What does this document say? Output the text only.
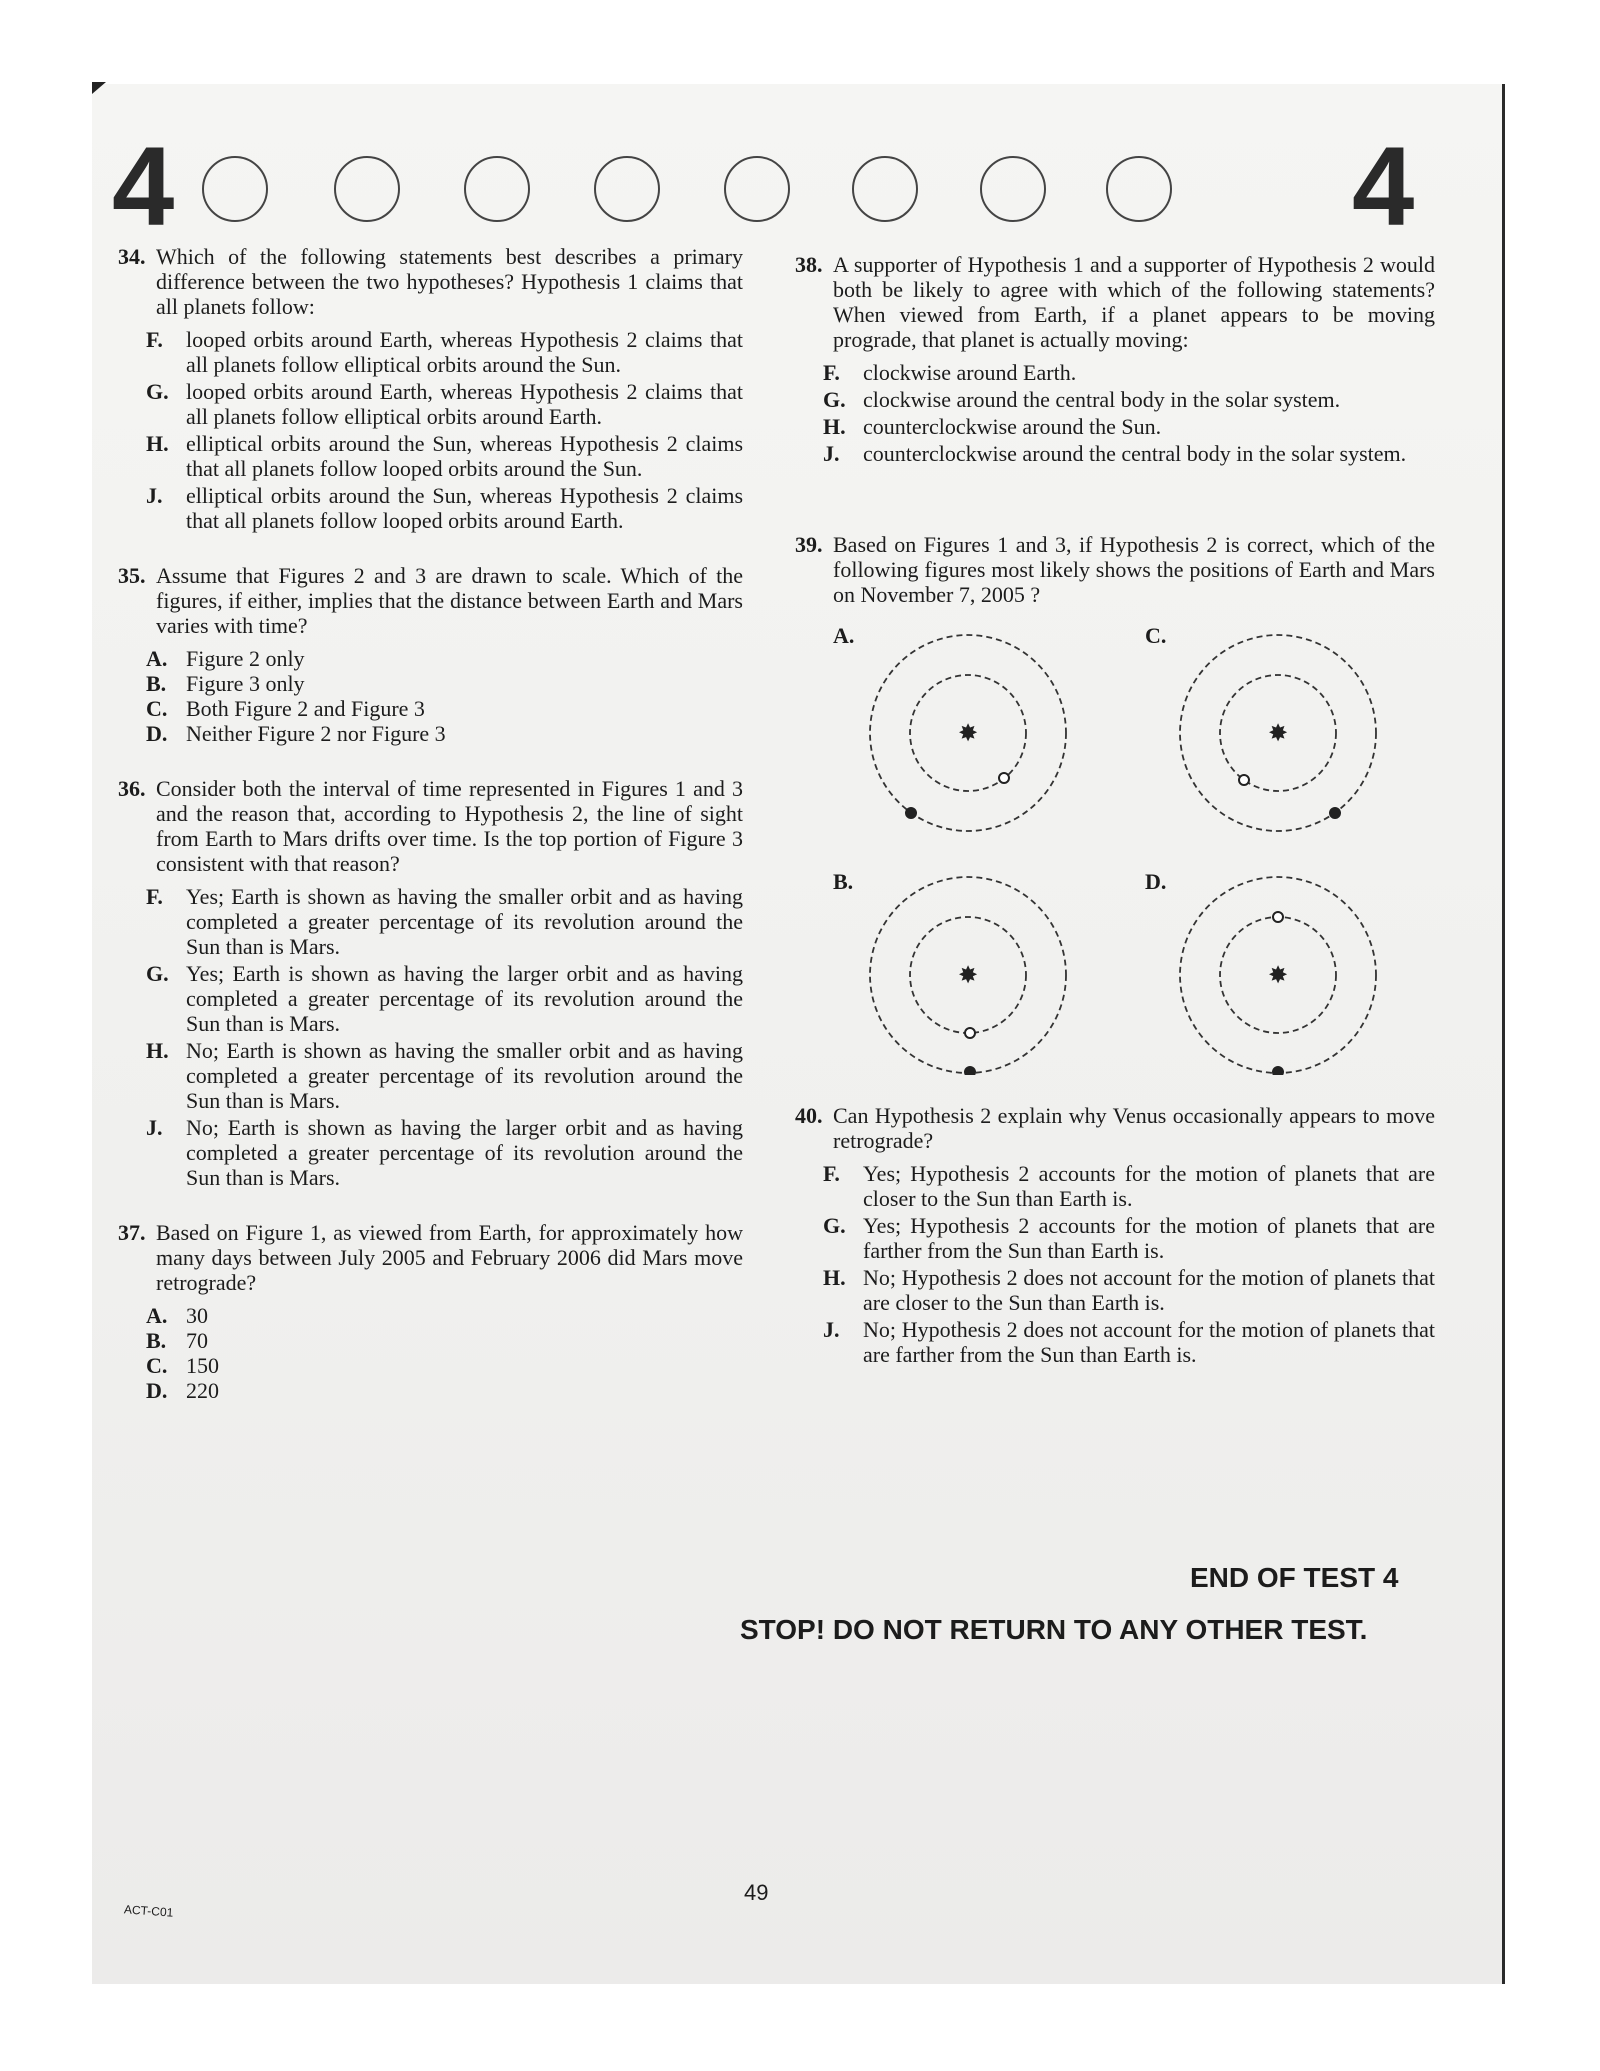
4	4
34. Which of the following statements best describes a primary difference between the two hypotheses? Hypothesis 1 claims that all planets follow:
F. looped orbits around Earth, whereas Hypothesis 2 claims that all planets follow elliptical orbits around the Sun.
G. looped orbits around Earth, whereas Hypothesis 2 claims that all planets follow elliptical orbits around Earth.
H. elliptical orbits around the Sun, whereas Hypothesis 2 claims that all planets follow looped orbits around the Sun.
J. elliptical orbits around the Sun, whereas Hypothesis 2 claims that all planets follow looped orbits around Earth.
35. Assume that Figures 2 and 3 are drawn to scale. Which of the figures, if either, implies that the distance between Earth and Mars varies with time?
A. Figure 2 only
B. Figure 3 only
C. Both Figure 2 and Figure 3
D. Neither Figure 2 nor Figure 3
36. Consider both the interval of time represented in Figures 1 and 3 and the reason that, according to Hypothesis 2, the line of sight from Earth to Mars drifts over time. Is the top portion of Figure 3 consistent with that reason?
F. Yes; Earth is shown as having the smaller orbit and as having completed a greater percentage of its revolution around the Sun than is Mars.
G. Yes; Earth is shown as having the larger orbit and as having completed a greater percentage of its revolution around the Sun than is Mars.
H. No; Earth is shown as having the smaller orbit and as having completed a greater percentage of its revolution around the Sun than is Mars.
J. No; Earth is shown as having the larger orbit and as having completed a greater percentage of its revolution around the Sun than is Mars.
37. Based on Figure 1, as viewed from Earth, for approximately how many days between July 2005 and February 2006 did Mars move retrograde?
A. 30
B. 70
C. 150
D. 220
38. A supporter of Hypothesis 1 and a supporter of Hypothesis 2 would both be likely to agree with which of the following statements? When viewed from Earth, if a planet appears to be moving prograde, that planet is actually moving:
F. clockwise around Earth.
G. clockwise around the central body in the solar system.
H. counterclockwise around the Sun.
J. counterclockwise around the central body in the solar system.
39. Based on Figures 1 and 3, if Hypothesis 2 is correct, which of the following figures most likely shows the positions of Earth and Mars on November 7, 2005 ?
A.
✸
C.
✸
B.
✸
D.
✸
40. Can Hypothesis 2 explain why Venus occasionally appears to move retrograde?
F. Yes; Hypothesis 2 accounts for the motion of planets that are closer to the Sun than Earth is.
G. Yes; Hypothesis 2 accounts for the motion of planets that are farther from the Sun than Earth is.
H. No; Hypothesis 2 does not account for the motion of planets that are closer to the Sun than Earth is.
J. No; Hypothesis 2 does not account for the motion of planets that are farther from the Sun than Earth is.
END OF TEST 4
STOP! DO NOT RETURN TO ANY OTHER TEST.
49
ACT-C01
